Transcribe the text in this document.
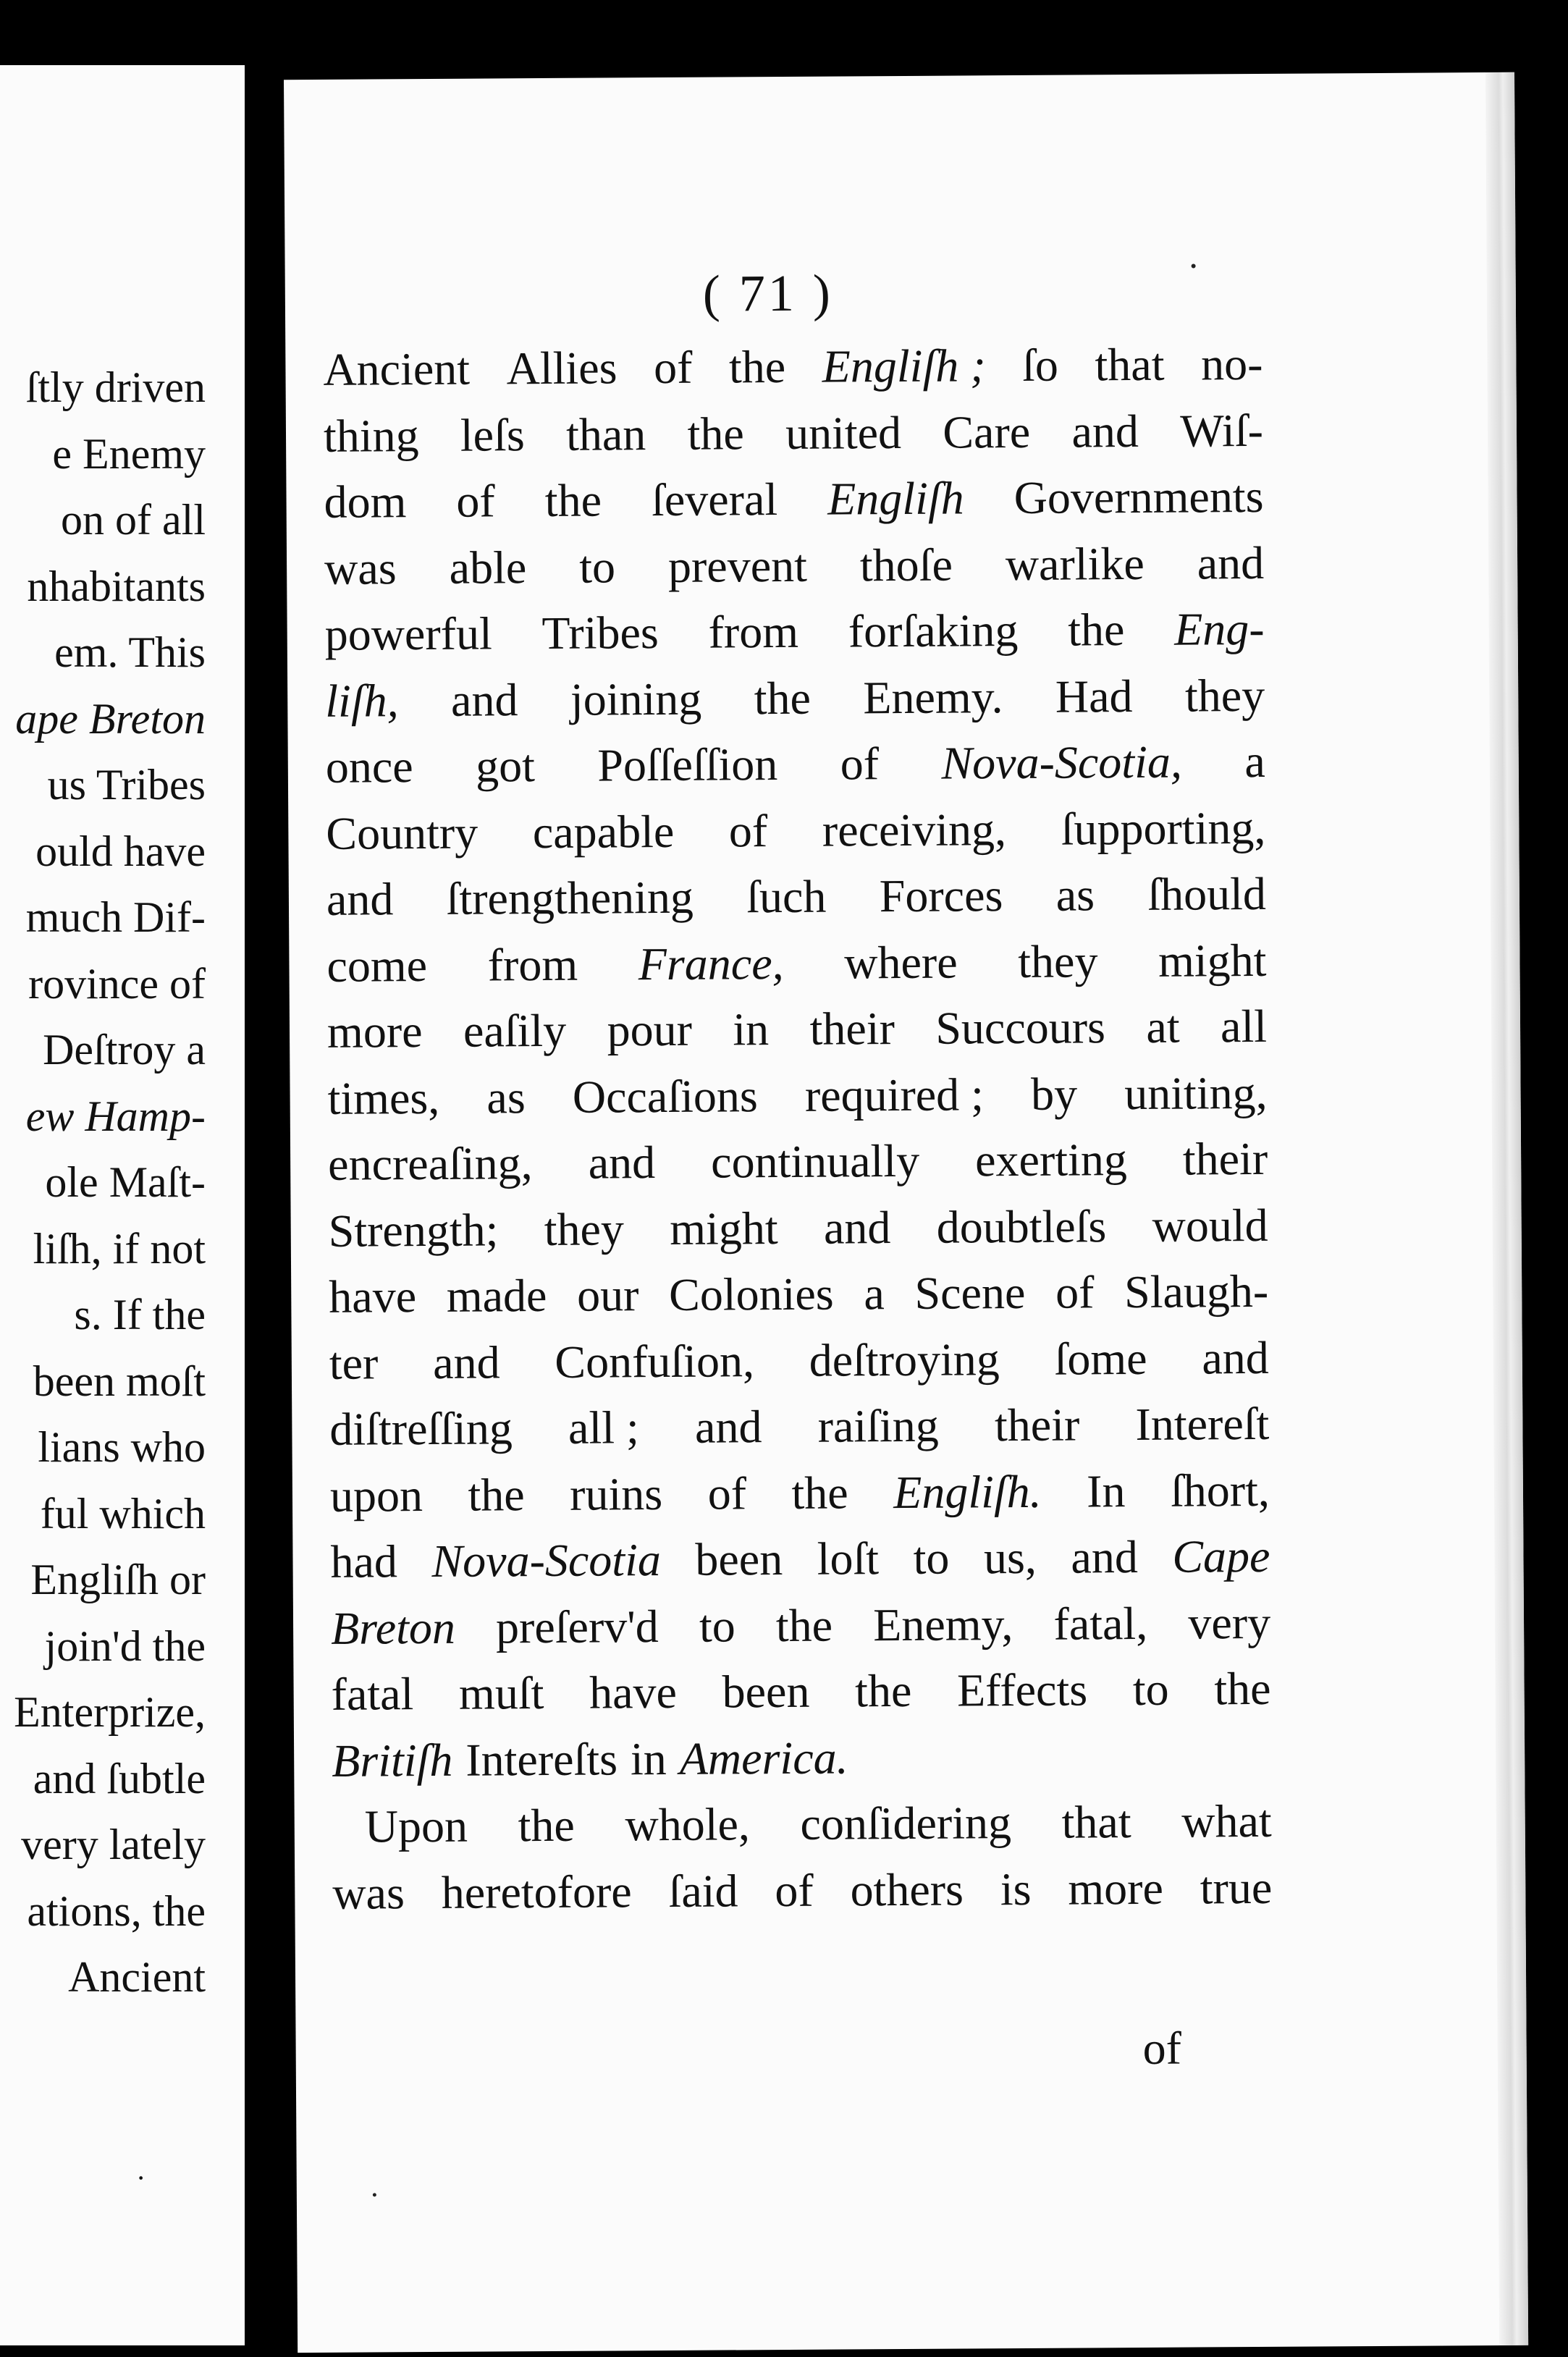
ſtly driven
e Enemy
on of all
nhabitants
em. This
ape Breton
us Tribes
ould have
much Dif-
rovince of
Deſtroy a
ew Hamp-
ole Maſt-
liſh, if not
s. If the
been moſt
lians who
ful which
Engliſh or
join'd the
Enterprize,
and ſubtle
very lately
ations, the
Ancient
·
( 71 )
Ancient Allies of the Engliſh ; ſo that no-
thing leſs than the united Care and Wiſ-
dom of the ſeveral Engliſh Governments
was able to prevent thoſe warlike and
powerful Tribes from forſaking the Eng-
liſh, and joining the Enemy. Had they
once got Poſſeſſion of Nova-Scotia, a
Country capable of receiving, ſupporting,
and ſtrengthening ſuch Forces as ſhould
come from France, where they might
more eaſily pour in their Succours at all
times, as Occaſions required ; by uniting,
encreaſing, and continually exerting their
Strength; they might and doubtleſs would
have made our Colonies a Scene of Slaugh-
ter and Confuſion, deſtroying ſome and
diſtreſſing all ; and raiſing their Intereſt
upon the ruins of the Engliſh. In ſhort,
had Nova-Scotia been loſt to us, and Cape
Breton preſerv'd to the Enemy, fatal, very
fatal muſt have been the Effects to the
Britiſh Intereſts in America.
Upon the whole, conſidering that what
was heretofore ſaid of others is more true
of
